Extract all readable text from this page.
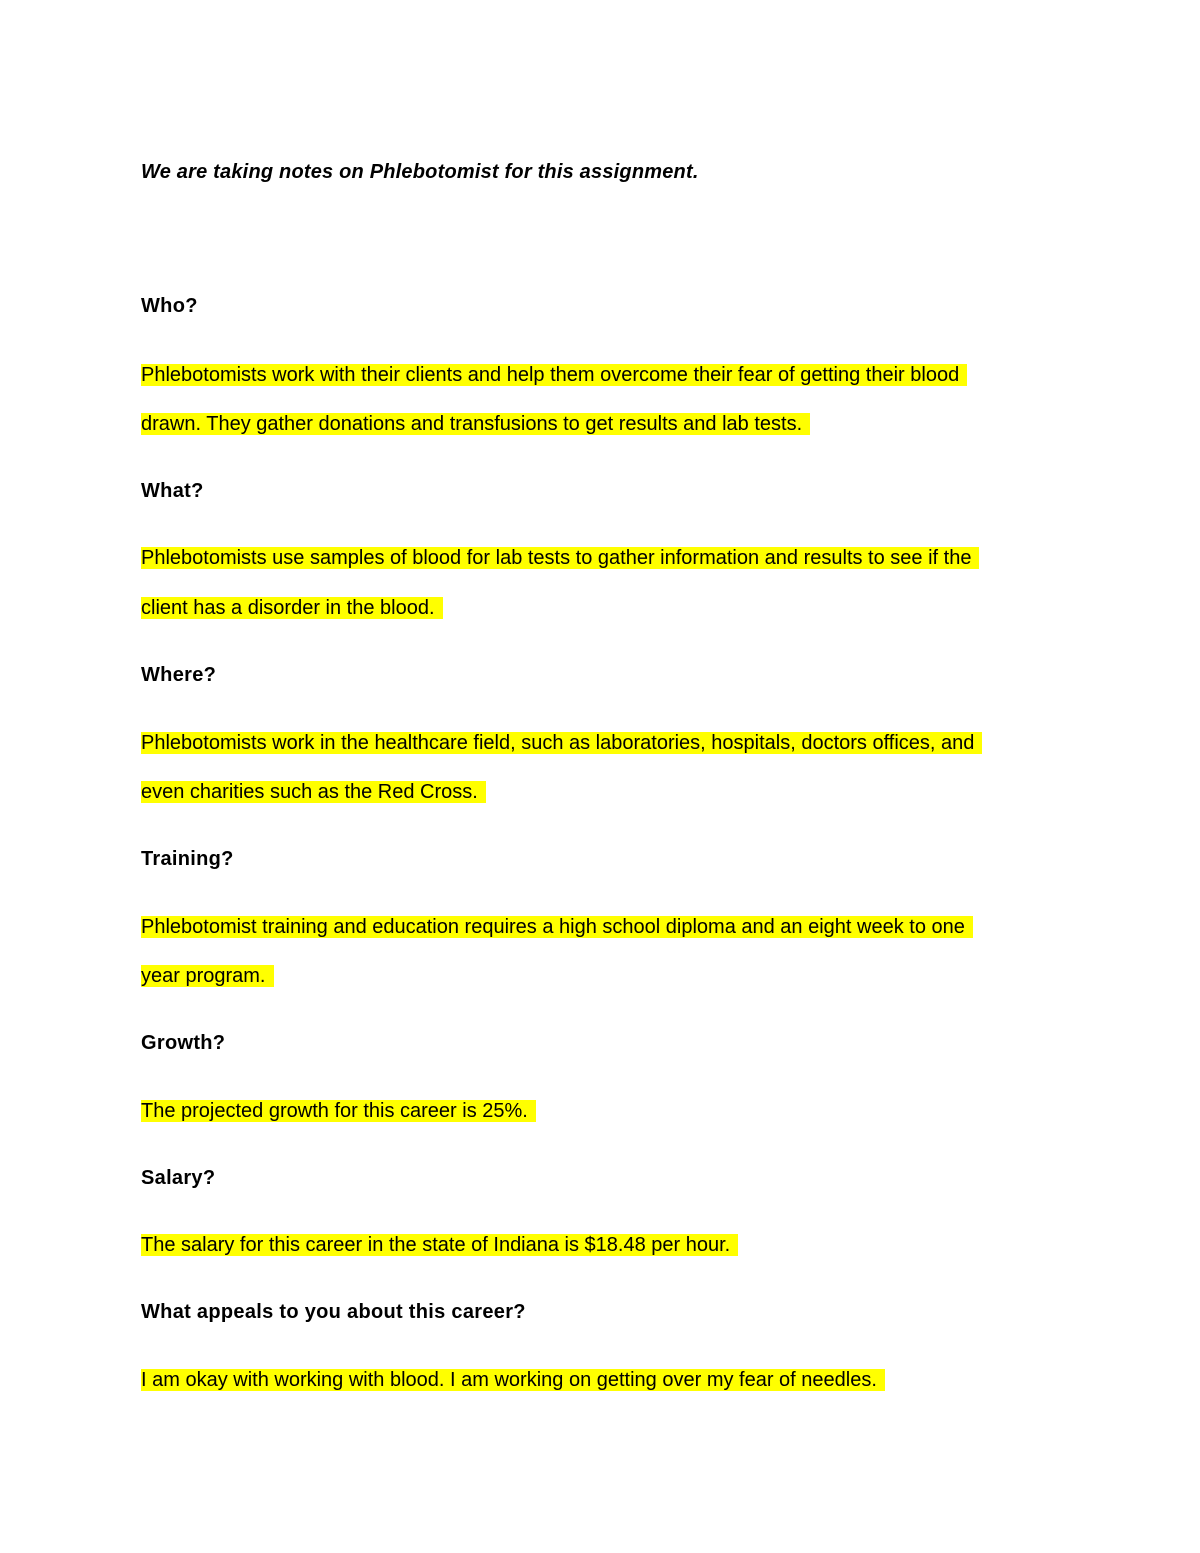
We are taking notes on Phlebotomist for this assignment.
Who?
Phlebotomists work with their clients and help them overcome their fear of getting their blood
drawn. They gather donations and transfusions to get results and lab tests.
What?
Phlebotomists use samples of blood for lab tests to gather information and results to see if the
client has a disorder in the blood.
Where?
Phlebotomists work in the healthcare field, such as laboratories, hospitals, doctors offices, and
even charities such as the Red Cross.
Training?
Phlebotomist training and education requires a high school diploma and an eight week to one
year program.
Growth?
The projected growth for this career is 25%.
Salary?
The salary for this career in the state of Indiana is $18.48 per hour.
What appeals to you about this career?
I am okay with working with blood. I am working on getting over my fear of needles.
